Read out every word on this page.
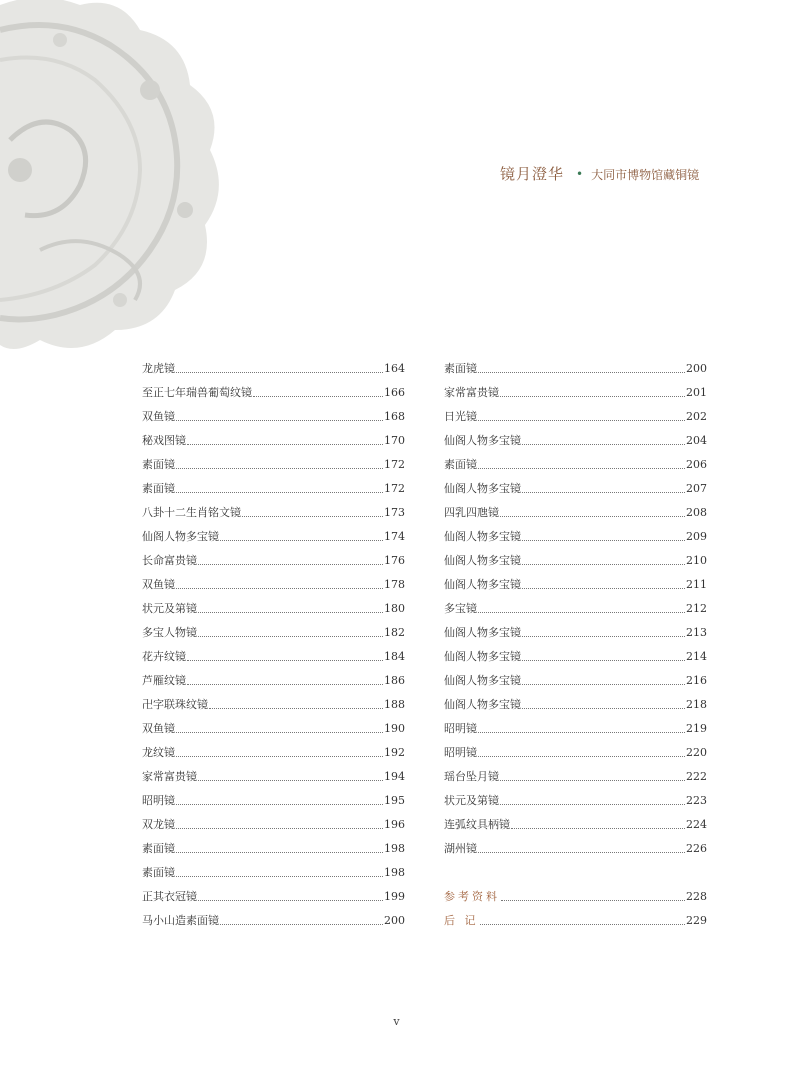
镜月澄华 • 大同市博物馆藏铜镜
龙虎镜	164
至正七年瑞兽葡萄纹镜	166
双鱼镜	168
秘戏图镜	170
素面镜	172
素面镜	172
八卦十二生肖铭文镜	173
仙阁人物多宝镜	174
长命富贵镜	176
双鱼镜	178
状元及第镜	180
多宝人物镜	182
花卉纹镜	184
芦雁纹镜	186
卍字联珠纹镜	188
双鱼镜	190
龙纹镜	192
家常富贵镜	194
昭明镜	195
双龙镜	196
素面镜	198
素面镜	198
正其衣冠镜	199
马小山造素面镜	200
素面镜	200
家常富贵镜	201
日光镜	202
仙阁人物多宝镜	204
素面镜	206
仙阁人物多宝镜	207
四乳四虺镜	208
仙阁人物多宝镜	209
仙阁人物多宝镜	210
仙阁人物多宝镜	211
多宝镜	212
仙阁人物多宝镜	213
仙阁人物多宝镜	214
仙阁人物多宝镜	216
仙阁人物多宝镜	218
昭明镜	219
昭明镜	220
瑶台坠月镜	222
状元及第镜	223
连弧纹具柄镜	224
湖州镜	226
参考资料	228
后 记	229
v
